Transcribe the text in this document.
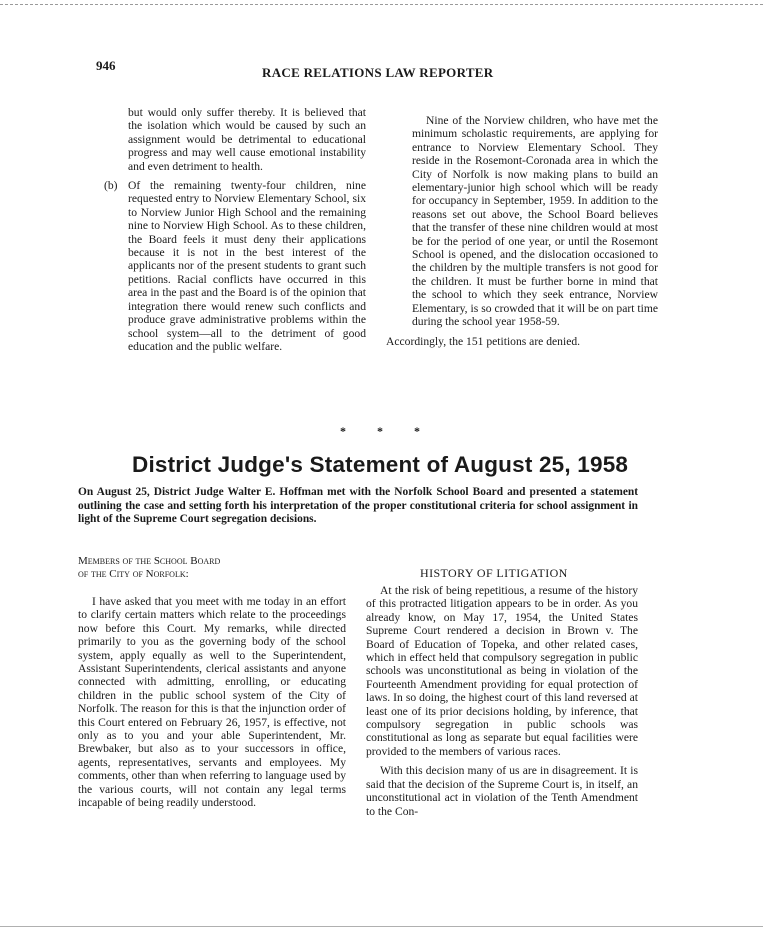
946	RACE RELATIONS LAW REPORTER

but would only suffer thereby. It is believed that the isolation which would be caused by such an assignment would be detrimental to educational progress and may well cause emotional instability and even detriment to health.

(b) Of the remaining twenty-four children, nine requested entry to Norview Elementary School, six to Norview Junior High School and the remaining nine to Norview High School. As to these children, the Board feels it must deny their applications because it is not in the best interest of the applicants nor of the present students to grant such petitions. Racial conflicts have occurred in this area in the past and the Board is of the opinion that integration there would renew such conflicts and produce grave administrative problems within the school system—all to the detriment of good education and the public welfare.

Nine of the Norview children, who have met the minimum scholastic requirements, are applying for entrance to Norview Elementary School. They reside in the Rosemont-Coronada area in which the City of Norfolk is now making plans to build an elementary-junior high school which will be ready for occupancy in September, 1959. In addition to the reasons set out above, the School Board believes that the transfer of these nine children would at most be for the period of one year, or until the Rosemont School is opened, and the dislocation occasioned to the children by the multiple transfers is not good for the children. It must be further borne in mind that the school to which they seek entrance, Norview Elementary, is so crowded that it will be on part time during the school year 1958-59.

Accordingly, the 151 petitions are denied.

* * *
District Judge's Statement of August 25, 1958
On August 25, District Judge Walter E. Hoffman met with the Norfolk School Board and presented a statement outlining the case and setting forth his interpretation of the proper constitutional criteria for school assignment in light of the Supreme Court segregation decisions.
Members of the School Board
of the City of Norfolk:	HISTORY OF LITIGATION

I have asked that you meet with me today in an effort to clarify certain matters which relate to the proceedings now before this Court. My remarks, while directed primarily to you as the governing body of the school system, apply equally as well to the Superintendent, Assistant Superintendents, clerical assistants and anyone connected with admitting, enrolling, or educating children in the public school system of the City of Norfolk. The reason for this is that the injunction order of this Court entered on February 26, 1957, is effective, not only as to you and your able Superintendent, Mr. Brewbaker, but also as to your successors in office, agents, representatives, servants and employees. My comments, other than when referring to language used by the various courts, will not contain any legal terms incapable of being readily understood.

At the risk of being repetitious, a resume of the history of this protracted litigation appears to be in order. As you already know, on May 17, 1954, the United States Supreme Court rendered a decision in Brown v. The Board of Education of Topeka, and other related cases, which in effect held that compulsory segregation in public schools was unconstitutional as being in violation of the Fourteenth Amendment providing for equal protection of laws. In so doing, the highest court of this land reversed at least one of its prior decisions holding, by inference, that compulsory segregation in public schools was constitutional as long as separate but equal facilities were provided to the members of various races.

With this decision many of us are in disagreement. It is said that the decision of the Supreme Court is, in itself, an unconstitutional act in violation of the Tenth Amendment to the Con-
